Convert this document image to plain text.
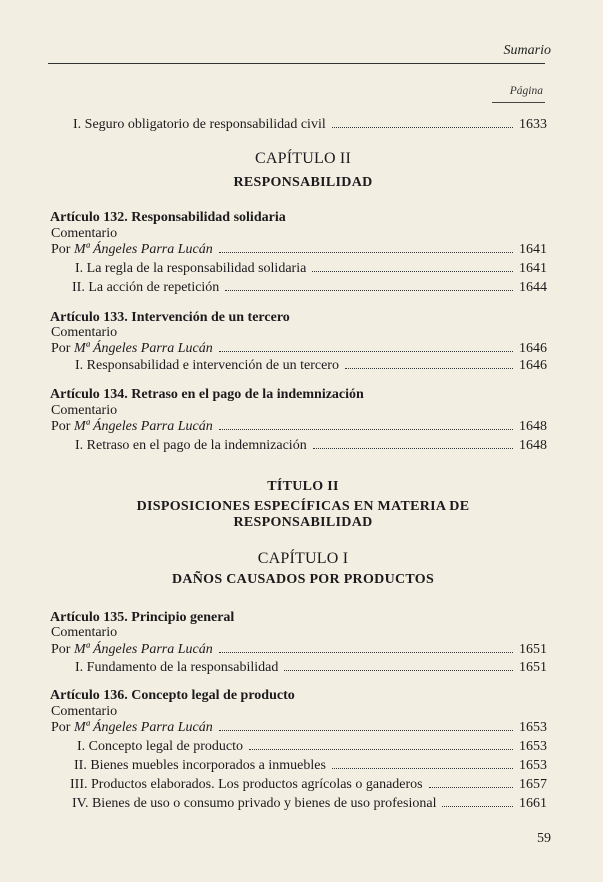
Sumario
Página
I. Seguro obligatorio de responsabilidad civil	1633
CAPÍTULO II
RESPONSABILIDAD
Artículo 132. Responsabilidad solidaria
Comentario
Por Mª Ángeles Parra Lucán	1641
I. La regla de la responsabilidad solidaria	1641
II. La acción de repetición	1644
Artículo 133. Intervención de un tercero
Comentario
Por Mª Ángeles Parra Lucán	1646
I. Responsabilidad e intervención de un tercero	1646
Artículo 134. Retraso en el pago de la indemnización
Comentario
Por Mª Ángeles Parra Lucán	1648
I. Retraso en el pago de la indemnización	1648
TÍTULO II
DISPOSICIONES ESPECÍFICAS EN MATERIA DE
RESPONSABILIDAD
CAPÍTULO I
DAÑOS CAUSADOS POR PRODUCTOS
Artículo 135. Principio general
Comentario
Por Mª Ángeles Parra Lucán	1651
I. Fundamento de la responsabilidad	1651
Artículo 136. Concepto legal de producto
Comentario
Por Mª Ángeles Parra Lucán	1653
I. Concepto legal de producto	1653
II. Bienes muebles incorporados a inmuebles	1653
III. Productos elaborados. Los productos agrícolas o ganaderos	1657
IV. Bienes de uso o consumo privado y bienes de uso profesional	1661
59
